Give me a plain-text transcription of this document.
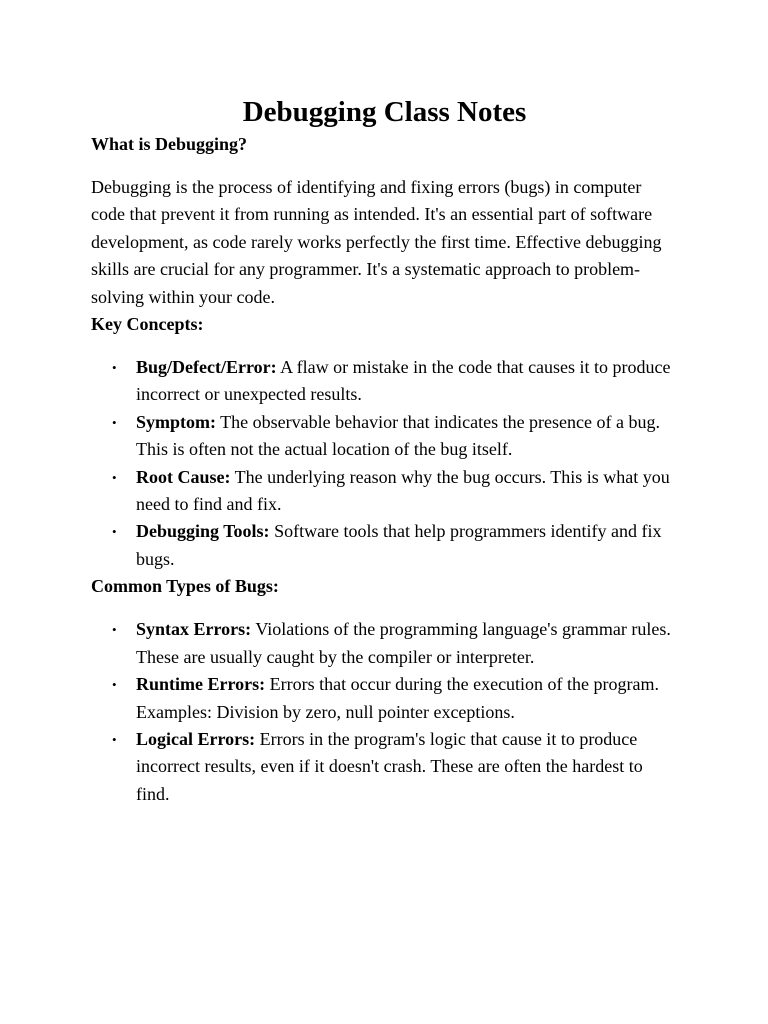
Debugging Class Notes
What is Debugging?

Debugging is the process of identifying and fixing errors (bugs) in computer code that prevent it from running as intended. It's an essential part of software development, as code rarely works perfectly the first time. Effective debugging skills are crucial for any programmer. It's a systematic approach to problem-solving within your code.

Key Concepts:
• Bug/Defect/Error: A flaw or mistake in the code that causes it to produce incorrect or unexpected results.
• Symptom: The observable behavior that indicates the presence of a bug. This is often not the actual location of the bug itself.
• Root Cause: The underlying reason why the bug occurs. This is what you need to find and fix.
• Debugging Tools: Software tools that help programmers identify and fix bugs.
Common Types of Bugs:
• Syntax Errors: Violations of the programming language's grammar rules. These are usually caught by the compiler or interpreter.
• Runtime Errors: Errors that occur during the execution of the program. Examples: Division by zero, null pointer exceptions.
• Logical Errors: Errors in the program's logic that cause it to produce incorrect results, even if it doesn't crash. These are often the hardest to find.
